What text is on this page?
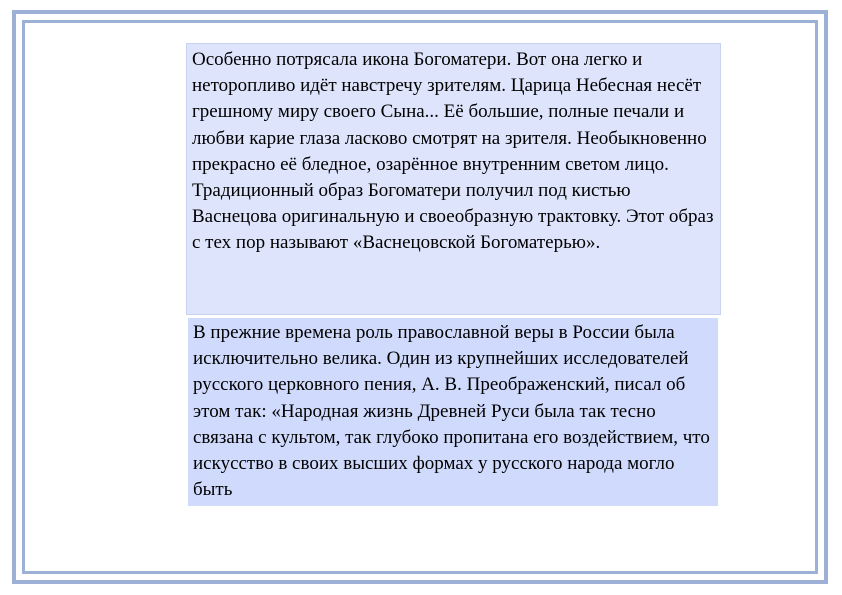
Особенно потрясала икона Богоматери. Вот она легко и неторопливо идёт навстречу зрителям. Царица Небесная несёт грешному миру своего Сына... Её большие, полные печали и любви карие глаза ласково смотрят на зрителя. Необыкновенно прекрасно её бледное, озарённое внутренним светом лицо. Традиционный образ Богоматери получил под кистью Васнецова оригинальную и своеобразную трактовку. Этот образ с тех пор называют «Васнецовской Богоматерью».
В прежние времена роль православной веры в России была исключительно велика. Один из крупнейших исследователей русского церковного пения, А. В. Преображенский, писал об этом так: «Народная жизнь Древней Руси была так тесно связана с культом, так глубоко пропитана его воздействием, что искусство в своих высших формах у русского народа могло быть
